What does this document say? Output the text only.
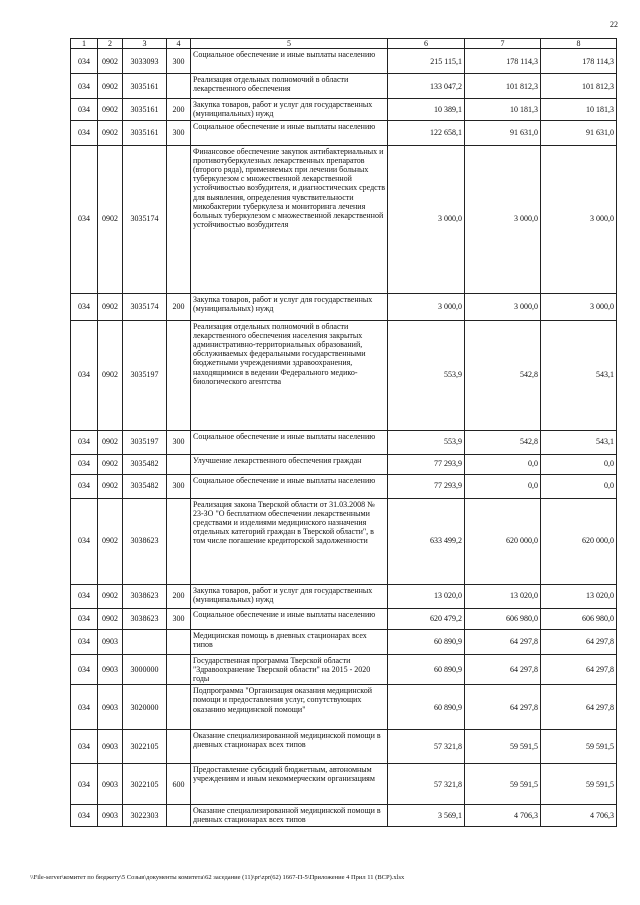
22
1	2	3	4	5	6	7	8
034	0902	3033093	300	Социальное обеспечение и иные выплаты населению	215 115,1	178 114,3	178 114,3
034	0902	3035161		Реализация отдельных полномочий в области лекарственного обеспечения	133 047,2	101 812,3	101 812,3
034	0902	3035161	200	Закупка товаров, работ и услуг для государственных (муниципальных) нужд	10 389,1	10 181,3	10 181,3
034	0902	3035161	300	Социальное обеспечение и иные выплаты населению	122 658,1	91 631,0	91 631,0
034	0902	3035174		Финансовое обеспечение закупок антибактериальных и противотуберкулезных лекарственных препаратов (второго ряда), применяемых при лечении больных туберкулезом с множественной лекарственной устойчивостью возбудителя, и диагностических средств для выявления, определения чувствительности микобактерии туберкулеза и мониторинга лечения больных туберкулезом с множественной лекарственной устойчивостью возбудителя	3 000,0	3 000,0	3 000,0
034	0902	3035174	200	Закупка товаров, работ и услуг для государственных (муниципальных) нужд	3 000,0	3 000,0	3 000,0
034	0902	3035197		Реализация отдельных полномочий в области лекарственного обеспечения населения закрытых административно-территориальных образований, обслуживаемых федеральными государственными бюджетными учреждениями здравоохранения, находящимися в ведении Федерального медико-биологического агентства	553,9	542,8	543,1
034	0902	3035197	300	Социальное обеспечение и иные выплаты населению	553,9	542,8	543,1
034	0902	3035482		Улучшение лекарственного обеспечения граждан	77 293,9	0,0	0,0
034	0902	3035482	300	Социальное обеспечение и иные выплаты населению	77 293,9	0,0	0,0
034	0902	3038623		Реализация закона Тверской области от 31.03.2008 № 23-ЗО "О бесплатном обеспечении лекарственными средствами и изделиями медицинского назначения отдельных категорий граждан в Тверской области", в том числе погашение кредиторской задолженности	633 499,2	620 000,0	620 000,0
034	0902	3038623	200	Закупка товаров, работ и услуг для государственных (муниципальных) нужд	13 020,0	13 020,0	13 020,0
034	0902	3038623	300	Социальное обеспечение и иные выплаты населению	620 479,2	606 980,0	606 980,0
034	0903			Медицинская помощь в дневных стационарах всех типов	60 890,9	64 297,8	64 297,8
034	0903	3000000		Государственная программа Тверской области "Здравоохранение Тверской области" на 2015 - 2020 годы	60 890,9	64 297,8	64 297,8
034	0903	3020000		Подпрограмма "Организация оказания медицинской помощи и предоставления услуг, сопутствующих оказанию медицинской помощи"	60 890,9	64 297,8	64 297,8
034	0903	3022105		Оказание специализированной медицинской помощи в дневных стационарах всех типов	57 321,8	59 591,5	59 591,5
034	0903	3022105	600	Предоставление субсидий бюджетным, автономным учреждениям и иным некоммерческим организациям	57 321,8	59 591,5	59 591,5
034	0903	3022303		Оказание специализированной медицинской помощи в дневных стационарах всех типов	3 569,1	4 706,3	4 706,3
\\File-server\комитет по бюджету\5 Созыв\документы комитета\62 заседание (11)\pr\zpr(62) 1667-П-5\Приложение 4 Прил 11 (ВСР).xlsx
